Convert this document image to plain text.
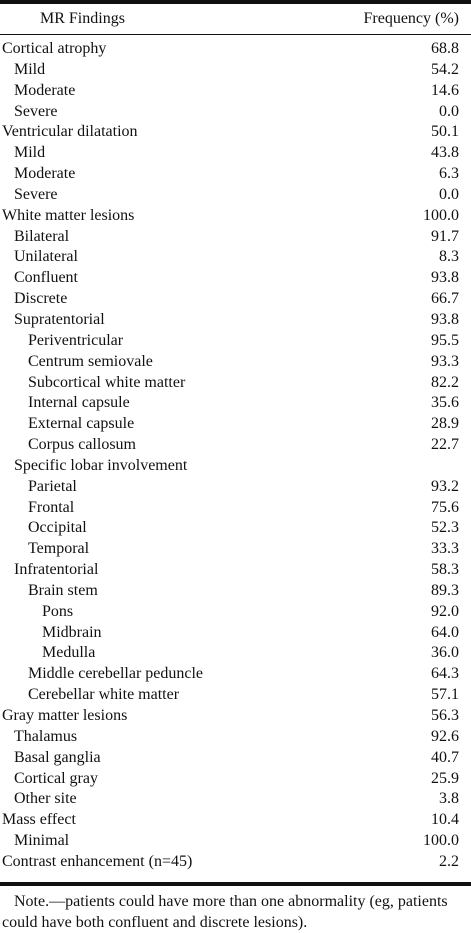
MR Findings	Frequency (%)
Cortical atrophy	68.8
Mild	54.2
Moderate	14.6
Severe	0.0
Ventricular dilatation	50.1
Mild	43.8
Moderate	6.3
Severe	0.0
White matter lesions	100.0
Bilateral	91.7
Unilateral	8.3
Confluent	93.8
Discrete	66.7
Supratentorial	93.8
Periventricular	95.5
Centrum semiovale	93.3
Subcortical white matter	82.2
Internal capsule	35.6
External capsule	28.9
Corpus callosum	22.7
Specific lobar involvement
Parietal	93.2
Frontal	75.6
Occipital	52.3
Temporal	33.3
Infratentorial	58.3
Brain stem	89.3
Pons	92.0
Midbrain	64.0
Medulla	36.0
Middle cerebellar peduncle	64.3
Cerebellar white matter	57.1
Gray matter lesions	56.3
Thalamus	92.6
Basal ganglia	40.7
Cortical gray	25.9
Other site	3.8
Mass effect	10.4
Minimal	100.0
Contrast enhancement (n=45)	2.2
Note.—patients could have more than one abnormality (eg, patients
could have both confluent and discrete lesions).
